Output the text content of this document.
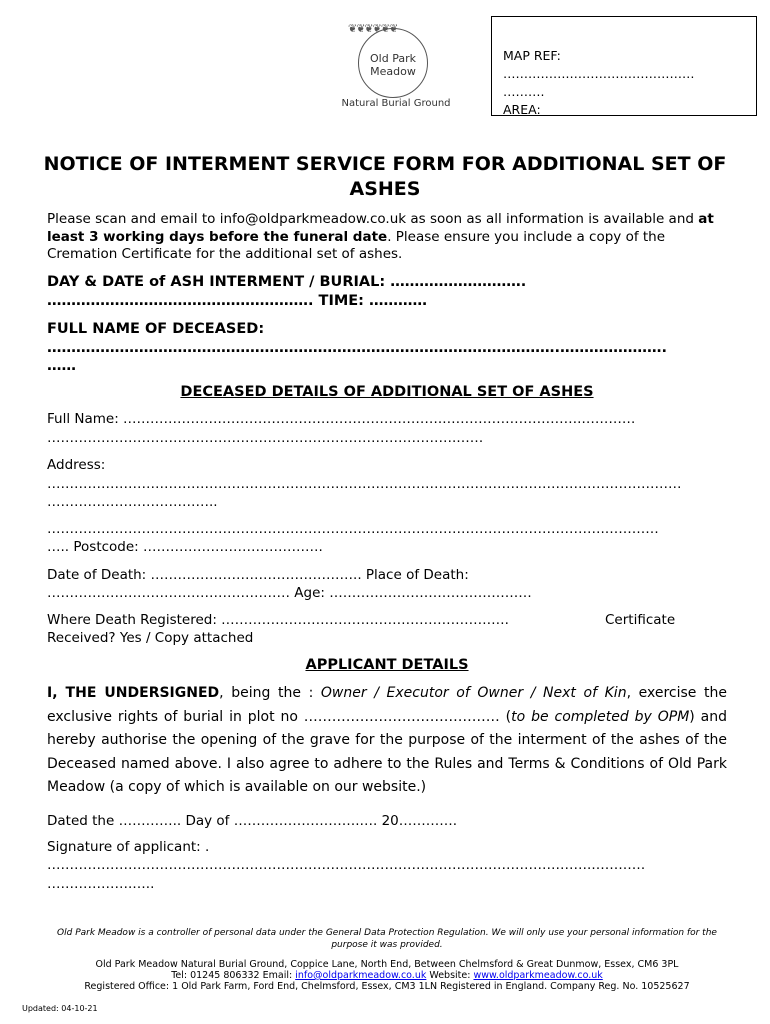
❦❦❦❦❦❦
Old Park
Meadow
Natural Burial Ground
MAP REF:
…………….…………………………
……….
AREA:
NOTICE OF INTERMENT SERVICE FORM FOR ADDITIONAL SET OF ASHES
Please scan and email to info@oldparkmeadow.co.uk as soon as all information is available and at least 3 working days before the funeral date. Please ensure you include a copy of the Cremation Certificate for the additional set of ashes.
DAY & DATE of ASH INTERMENT / BURIAL: ……………………….
………………………………………………. TIME: …………
FULL NAME OF DECEASED:
…………………………………………………………………………………………….………………….
……
DECEASED DETAILS OF ADDITIONAL SET OF ASHES
Full Name: ………………….………………………………………….………………………….…………
……………………………………………………………………………….……
Address:
……………………………………………………………………………………………………………………………
………………………………..
…………………………………………………………………………………………………………….…………
….. Postcode: ………………………………….
Date of Death: ……………………………………….. Place of Death:
……………………………………………… Age: ………………………………………
Where Death Registered: ……………………………………………………….	Certificate
Received? Yes / Copy attached
APPLICANT DETAILS
I, THE UNDERSIGNED, being the : Owner / Executor of Owner / Next of Kin, exercise the exclusive rights of burial in plot no …………………………………… (to be completed by OPM) and hereby authorise the opening of the grave for the purpose of the interment of the ashes of the Deceased named above. I also agree to adhere to the Rules and Terms & Conditions of Old Park Meadow (a copy of which is available on our website.)
Dated the ………….. Day of ……………………….…. 20………….
Signature of applicant: .
………………………………………………………………………………………………………….…………
……………….…..
Old Park Meadow is a controller of personal data under the General Data Protection Regulation. We will only use your personal information for the purpose it was provided.
Old Park Meadow Natural Burial Ground, Coppice Lane, North End, Between Chelmsford & Great Dunmow, Essex, CM6 3PL
Tel: 01245 806332 Email: info@oldparkmeadow.co.uk Website: www.oldparkmeadow.co.uk
Registered Office: 1 Old Park Farm, Ford End, Chelmsford, Essex, CM3 1LN Registered in England. Company Reg. No. 10525627
Updated: 04-10-21
